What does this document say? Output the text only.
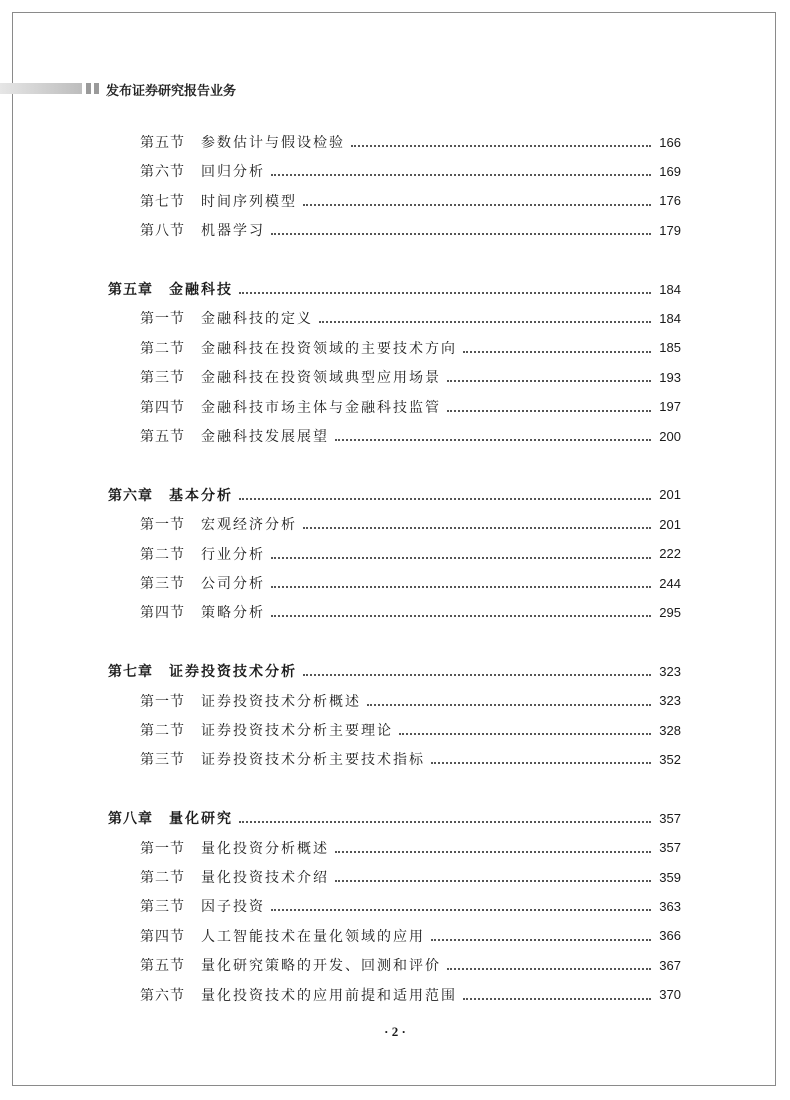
发布证券研究报告业务
第五节 参数估计与假设检验	166
第六节 回归分析	169
第七节 时间序列模型	176
第八节 机器学习	179
第五章 金融科技	184
第一节 金融科技的定义	184
第二节 金融科技在投资领域的主要技术方向	185
第三节 金融科技在投资领域典型应用场景	193
第四节 金融科技市场主体与金融科技监管	197
第五节 金融科技发展展望	200
第六章 基本分析	201
第一节 宏观经济分析	201
第二节 行业分析	222
第三节 公司分析	244
第四节 策略分析	295
第七章 证券投资技术分析	323
第一节 证券投资技术分析概述	323
第二节 证券投资技术分析主要理论	328
第三节 证券投资技术分析主要技术指标	352
第八章 量化研究	357
第一节 量化投资分析概述	357
第二节 量化投资技术介绍	359
第三节 因子投资	363
第四节 人工智能技术在量化领域的应用	366
第五节 量化研究策略的开发、回测和评价	367
第六节 量化投资技术的应用前提和适用范围	370
· 2 ·
